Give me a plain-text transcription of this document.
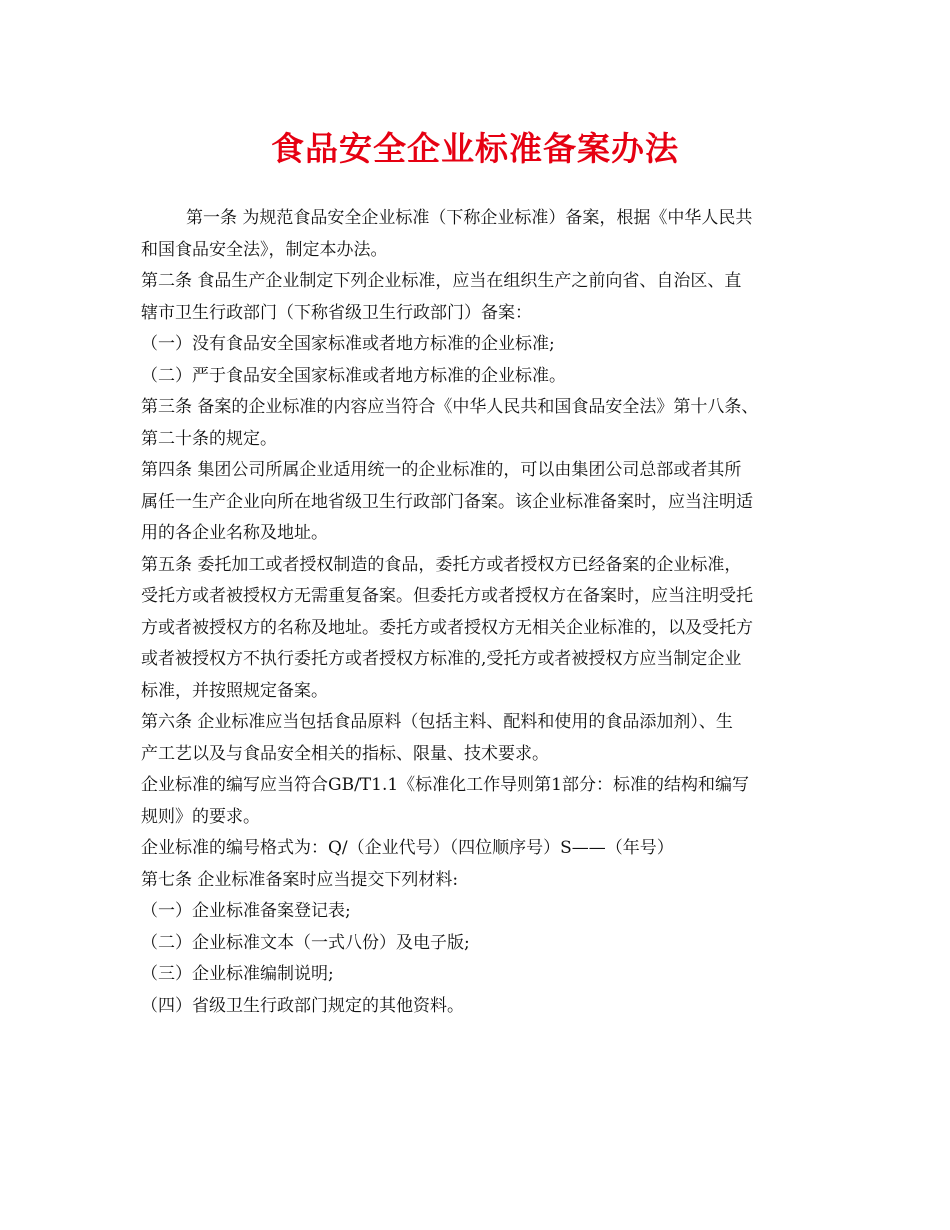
食品安全企业标准备案办法
第一条 为规范食品安全企业标准（下称企业标准）备案，根据《中华人民共
和国食品安全法》，制定本办法。
第二条 食品生产企业制定下列企业标准，应当在组织生产之前向省、自治区、直
辖市卫生行政部门（下称省级卫生行政部门）备案：
（一）没有食品安全国家标准或者地方标准的企业标准;
（二）严于食品安全国家标准或者地方标准的企业标准。
第三条 备案的企业标准的内容应当符合《中华人民共和国食品安全法》第十八条、
第二十条的规定。
第四条 集团公司所属企业适用统一的企业标准的，可以由集团公司总部或者其所
属任一生产企业向所在地省级卫生行政部门备案。该企业标准备案时，应当注明适
用的各企业名称及地址。
第五条 委托加工或者授权制造的食品，委托方或者授权方已经备案的企业标准，
受托方或者被授权方无需重复备案。但委托方或者授权方在备案时，应当注明受托
方或者被授权方的名称及地址。委托方或者授权方无相关企业标准的，以及受托方
或者被授权方不执行委托方或者授权方标准的,受托方或者被授权方应当制定企业
标准，并按照规定备案。
第六条 企业标准应当包括食品原料（包括主料、配料和使用的食品添加剂）、生
产工艺以及与食品安全相关的指标、限量、技术要求。
企业标准的编写应当符合GB/T1.1《标准化工作导则第1部分：标准的结构和编写
规则》的要求。
企业标准的编号格式为：Q/（企业代号）（四位顺序号）S——（年号）
第七条 企业标准备案时应当提交下列材料:
（一）企业标准备案登记表;
（二）企业标准文本（一式八份）及电子版;
（三）企业标准编制说明;
（四）省级卫生行政部门规定的其他资料。
